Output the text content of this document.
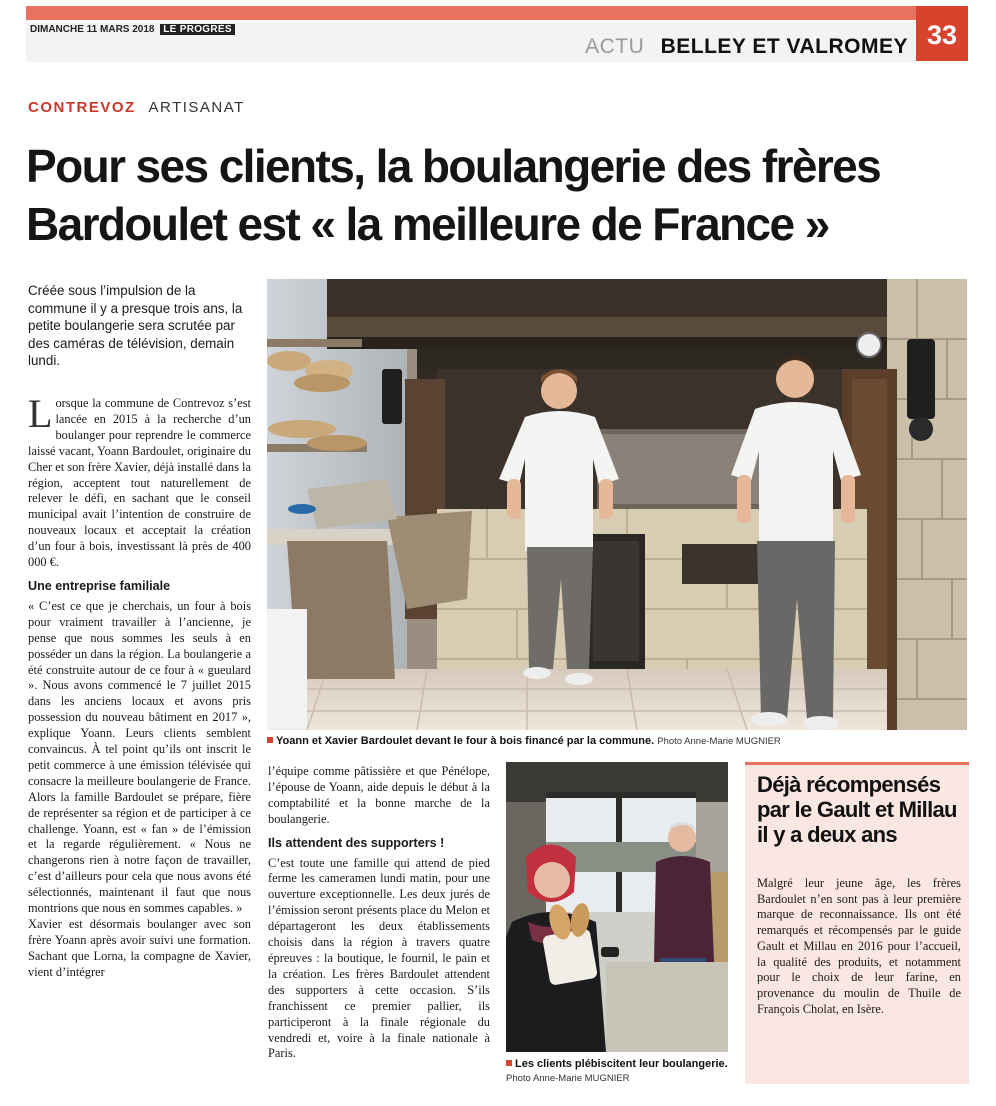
33
DIMANCHE 11 MARS 2018 LE PROGRÈS
ACTU BELLEY ET VALROMEY
CONTREVOZ ARTISANAT
Pour ses clients, la boulangerie des frères Bardoulet est « la meilleure de France »
Créée sous l’impulsion de la commune il y a presque trois ans, la petite boulangerie sera scrutée par des caméras de télévision, demain lundi.

Lorsque la commune de Contrevoz s’est lancée en 2015 à la recherche d’un boulanger pour reprendre le commerce laissé vacant, Yoann Bardoulet, originaire du Cher et son frère Xavier, déjà installé dans la région, acceptent tout naturellement de relever le défi, en sachant que le conseil municipal avait l’intention de construire de nouveaux locaux et acceptait la création d’un four à bois, investissant là près de 400 000 €.

Une entreprise familiale

« C’est ce que je cherchais, un four à bois pour vraiment travailler à l’ancienne, je pense que nous sommes les seuls à en posséder un dans la région. La boulangerie a été construite autour de ce four à « gueulard ». Nous avons commencé le 7 juillet 2015 dans les anciens locaux et avons pris possession du nouveau bâtiment en 2017 », explique Yoann. Leurs clients semblent convaincus. À tel point qu’ils ont inscrit le petit commerce à une émission télévisée qui consacre la meilleure boulangerie de France. Alors la famille Bardoulet se prépare, fière de représenter sa région et de participer à ce challenge. Yoann, est « fan » de l’émission et la regarde régulièrement. « Nous ne changerons rien à notre façon de travailler, c’est d’ailleurs pour cela que nous avons été sélectionnés, maintenant il faut que nous montrions que nous en sommes capables. »

Xavier est désormais boulanger avec son frère Yoann après avoir suivi une formation. Sachant que Lorna, la compagne de Xavier, vient d’intégrer

Yoann et Xavier Bardoulet devant le four à bois financé par la commune. Photo Anne-Marie MUGNIER

l’équipe comme pâtissière et que Pénélope, l’épouse de Yoann, aide depuis le début à la comptabilité et la bonne marche de la boulangerie.

Ils attendent des supporters !

C’est toute une famille qui attend de pied ferme les cameramen lundi matin, pour une ouverture exceptionnelle. Les deux jurés de l’émission seront présents place du Melon et départageront les deux établissements choisis dans la région à travers quatre épreuves : la boutique, le fournil, le pain et la création. Les frères Bardoulet attendent des supporters à cette occasion. S’ils franchissent ce premier pallier, ils participeront à la finale régionale du vendredi et, voire à la finale nationale à Paris.

Les clients plébiscitent leur boulangerie. Photo Anne-Marie MUGNIER
Déjà récompensés par le Gault et Millau il y a deux ans
Malgré leur jeune âge, les frères Bardoulet n’en sont pas à leur première marque de reconnaissance. Ils ont été remarqués et récompensés par le guide Gault et Millau en 2016 pour l’accueil, la qualité des produits, et notamment pour le choix de leur farine, en provenance du moulin de Thuile de François Cholat, en Isère.
